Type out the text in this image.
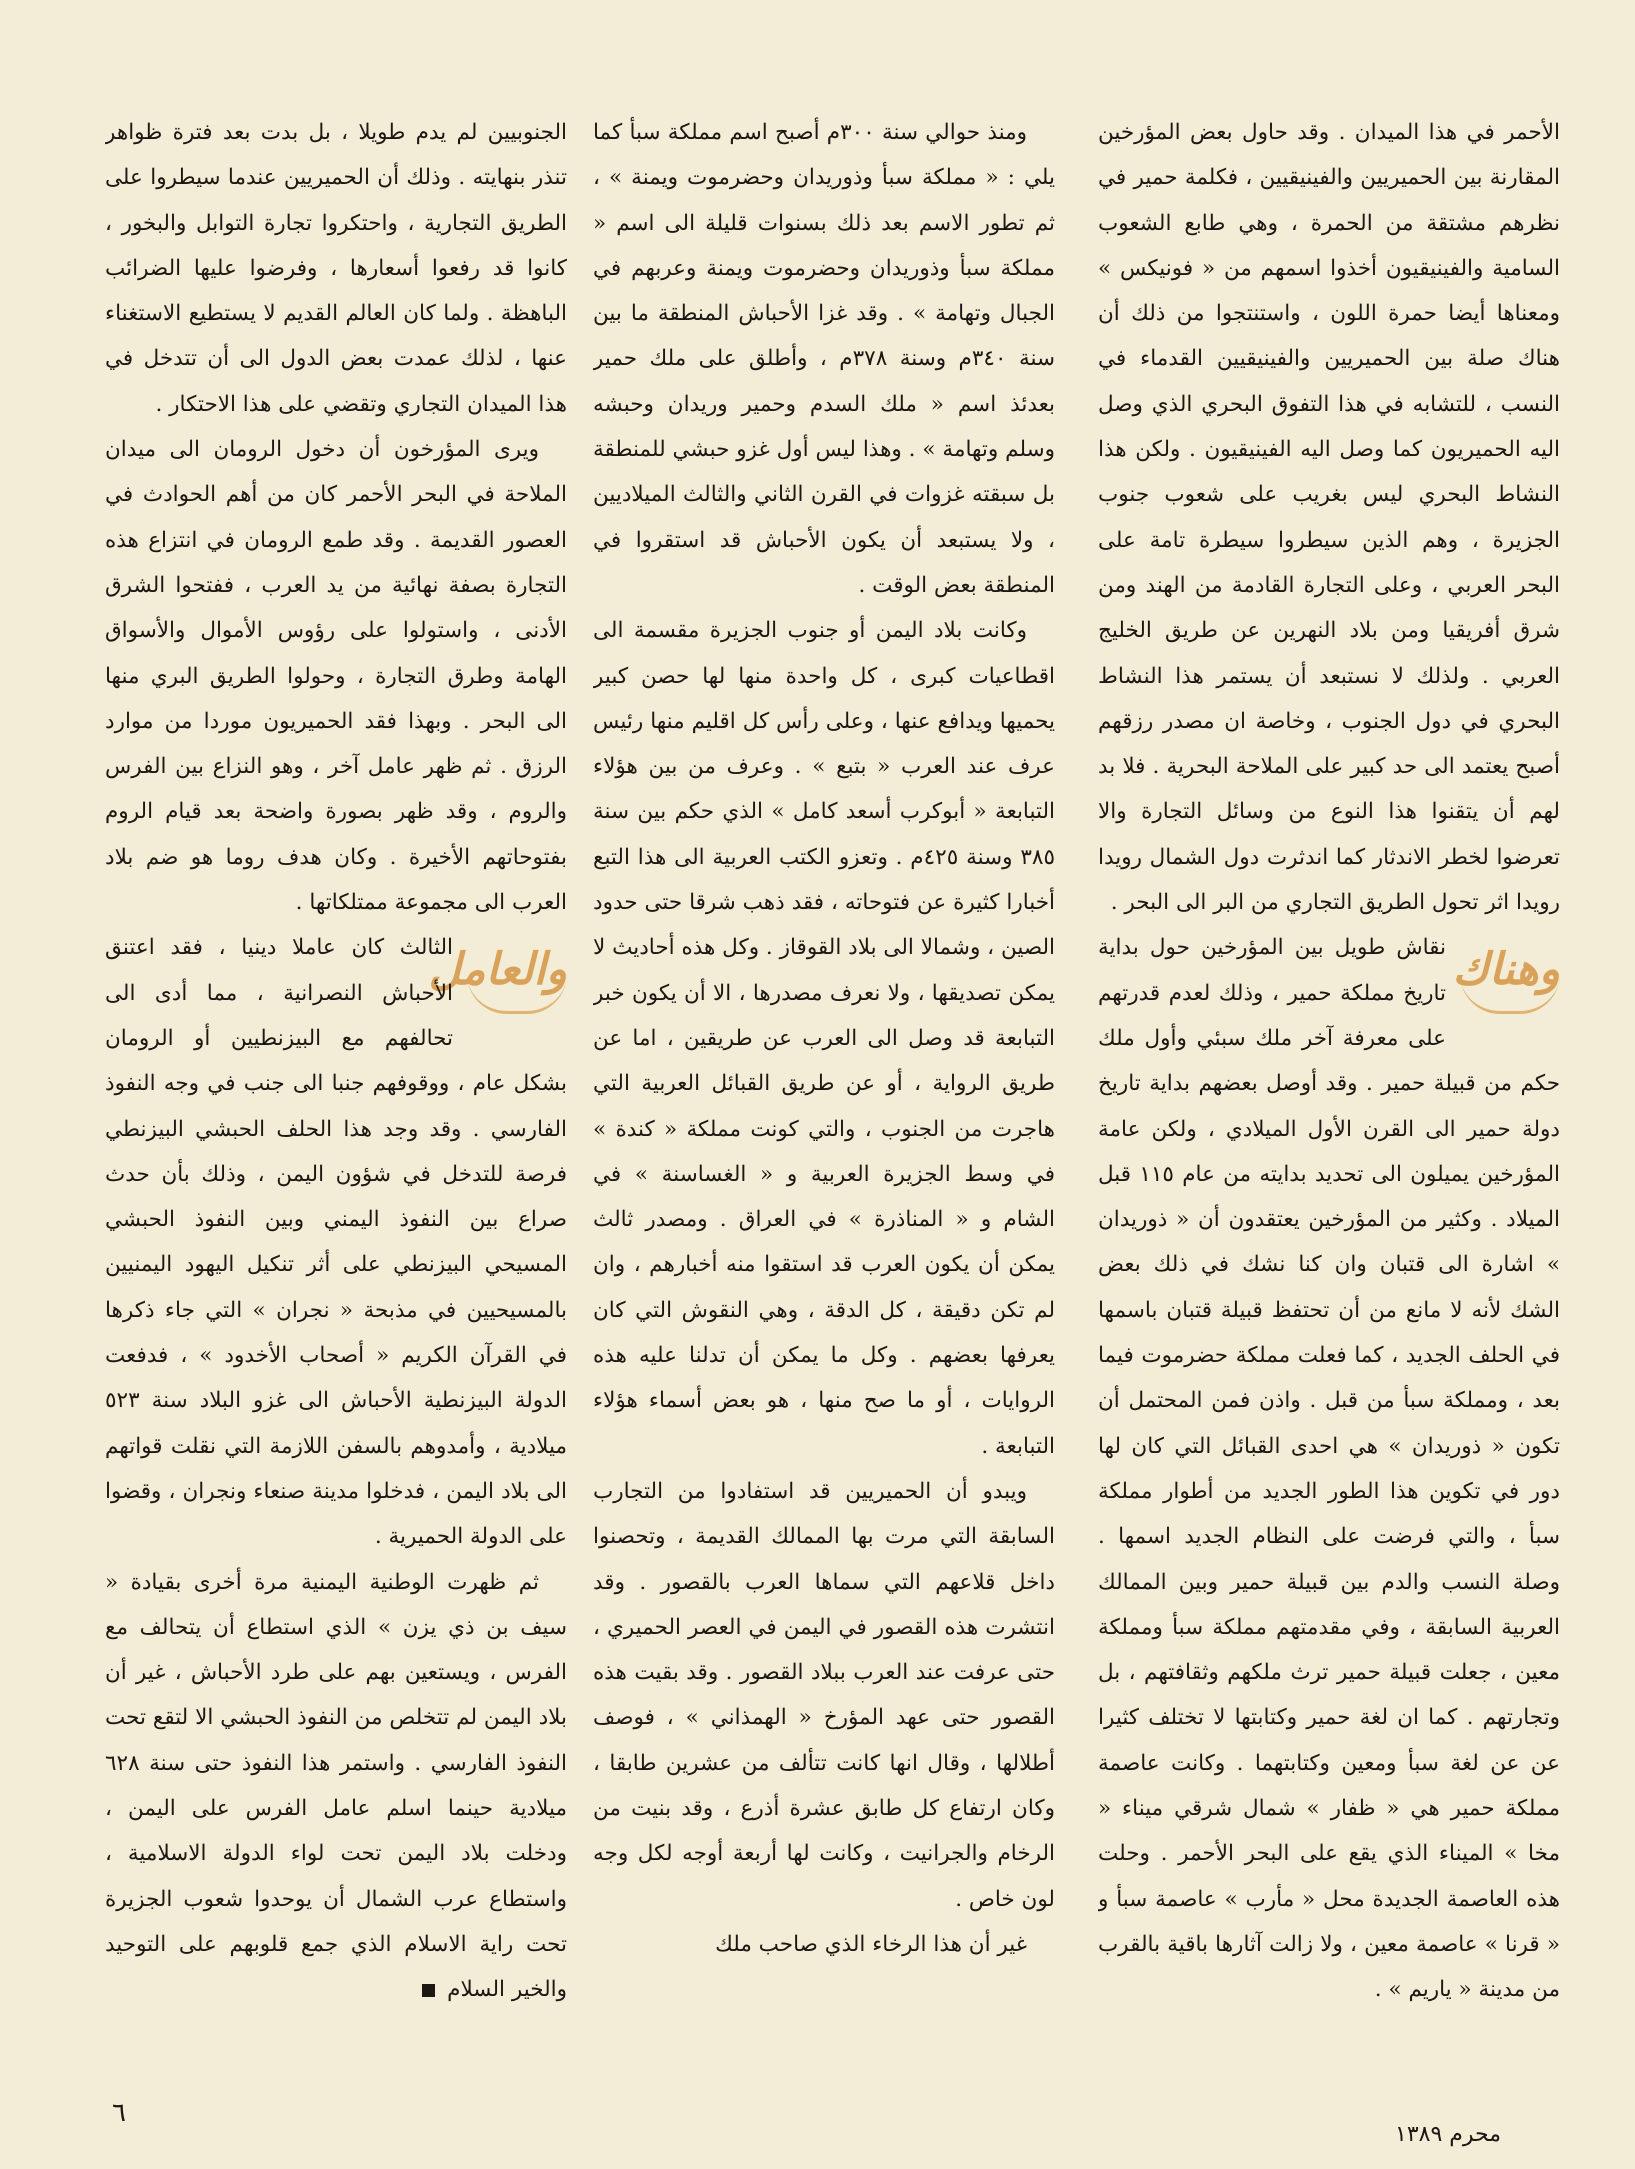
الأحمر في هذا الميدان . وقد حاول بعض المؤرخين المقارنة بين الحميريين والفينيقيين ، فكلمة حمير في نظرهم مشتقة من الحمرة ، وهي طابع الشعوب السامية والفينيقيون أخذوا اسمهم من « فونيكس » ومعناها أيضا حمرة اللون ، واستنتجوا من ذلك أن هناك صلة بين الحميريين والفينيقيين القدماء في النسب ، للتشابه في هذا التفوق البحري الذي وصل اليه الحميريون كما وصل اليه الفينيقيون . ولكن هذا النشاط البحري ليس بغريب على شعوب جنوب الجزيرة ، وهم الذين سيطروا سيطرة تامة على البحر العربي ، وعلى التجارة القادمة من الهند ومن شرق أفريقيا ومن بلاد النهرين عن طريق الخليج العربي . ولذلك لا نستبعد أن يستمر هذا النشاط البحري في دول الجنوب ، وخاصة ان مصدر رزقهم أصبح يعتمد الى حد كبير على الملاحة البحرية . فلا بد لهم أن يتقنوا هذا النوع من وسائل التجارة والا تعرضوا لخطر الاندثار كما اندثرت دول الشمال رويدا رويدا اثر تحول الطريق التجاري من البر الى البحر .

وهناك
نقاش طويل بين المؤرخين حول بداية تاريخ مملكة حمير ، وذلك لعدم قدرتهم على معرفة آخر ملك سبئي وأول ملك حكم من قبيلة حمير . وقد أوصل بعضهم بداية تاريخ دولة حمير الى القرن الأول الميلادي ، ولكن عامة المؤرخين يميلون الى تحديد بدايته من عام ١١٥ قبل الميلاد . وكثير من المؤرخين يعتقدون أن « ذوريدان » اشارة الى قتبان وان كنا نشك في ذلك بعض الشك لأنه لا مانع من أن تحتفظ قبيلة قتبان باسمها في الحلف الجديد ، كما فعلت مملكة حضرموت فيما بعد ، ومملكة سبأ من قبل . واذن فمن المحتمل أن تكون « ذوريدان » هي احدى القبائل التي كان لها دور في تكوين هذا الطور الجديد من أطوار مملكة سبأ ، والتي فرضت على النظام الجديد اسمها . وصلة النسب والدم بين قبيلة حمير وبين الممالك العربية السابقة ، وفي مقدمتهم مملكة سبأ ومملكة معين ، جعلت قبيلة حمير ترث ملكهم وثقافتهم ، بل وتجارتهم . كما ان لغة حمير وكتابتها لا تختلف كثيرا عن عن لغة سبأ ومعين وكتابتهما . وكانت عاصمة مملكة حمير هي « ظفار » شمال شرقي ميناء « مخا » الميناء الذي يقع على البحر الأحمر . وحلت هذه العاصمة الجديدة محل « مأرب » عاصمة سبأ و « قرنا » عاصمة معين ، ولا زالت آثارها باقية بالقرب من مدينة « ياريم » .

ومنذ حوالي سنة ٣٠٠م أصبح اسم مملكة سبأ كما يلي : « مملكة سبأ وذوريدان وحضرموت ويمنة » ، ثم تطور الاسم بعد ذلك بسنوات قليلة الى اسم « مملكة سبأ وذوريدان وحضرموت ويمنة وعربهم في الجبال وتهامة » . وقد غزا الأحباش المنطقة ما بين سنة ٣٤٠م وسنة ٣٧٨م ، وأطلق على ملك حمير بعدئذ اسم « ملك السدم وحمير وريدان وحبشه وسلم وتهامة » . وهذا ليس أول غزو حبشي للمنطقة بل سبقته غزوات في القرن الثاني والثالث الميلاديين ، ولا يستبعد أن يكون الأحباش قد استقروا في المنطقة بعض الوقت .

وكانت بلاد اليمن أو جنوب الجزيرة مقسمة الى اقطاعيات كبرى ، كل واحدة منها لها حصن كبير يحميها ويدافع عنها ، وعلى رأس كل اقليم منها رئيس عرف عند العرب « بتبع » . وعرف من بين هؤلاء التبابعة « أبوكرب أسعد كامل » الذي حكم بين سنة ٣٨٥ وسنة ٤٢٥م . وتعزو الكتب العربية الى هذا التبع أخبارا كثيرة عن فتوحاته ، فقد ذهب شرقا حتى حدود الصين ، وشمالا الى بلاد القوقاز . وكل هذه أحاديث لا يمكن تصديقها ، ولا نعرف مصدرها ، الا أن يكون خبر التبابعة قد وصل الى العرب عن طريقين ، اما عن طريق الرواية ، أو عن طريق القبائل العربية التي هاجرت من الجنوب ، والتي كونت مملكة « كندة » في وسط الجزيرة العربية و « الغساسنة » في الشام و « المناذرة » في العراق . ومصدر ثالث يمكن أن يكون العرب قد استقوا منه أخبارهم ، وان لم تكن دقيقة ، كل الدقة ، وهي النقوش التي كان يعرفها بعضهم . وكل ما يمكن أن تدلنا عليه هذه الروايات ، أو ما صح منها ، هو بعض أسماء هؤلاء التبابعة .

ويبدو أن الحميريين قد استفادوا من التجارب السابقة التي مرت بها الممالك القديمة ، وتحصنوا داخل قلاعهم التي سماها العرب بالقصور . وقد انتشرت هذه القصور في اليمن في العصر الحميري ، حتى عرفت عند العرب ببلاد القصور . وقد بقيت هذه القصور حتى عهد المؤرخ « الهمذاني » ، فوصف أطلالها ، وقال انها كانت تتألف من عشرين طابقا ، وكان ارتفاع كل طابق عشرة أذرع ، وقد بنيت من الرخام والجرانيت ، وكانت لها أربعة أوجه لكل وجه لون خاص .

غير أن هذا الرخاء الذي صاحب ملك

الجنوبيين لم يدم طويلا ، بل بدت بعد فترة ظواهر تنذر بنهايته . وذلك أن الحميريين عندما سيطروا على الطريق التجارية ، واحتكروا تجارة التوابل والبخور ، كانوا قد رفعوا أسعارها ، وفرضوا عليها الضرائب الباهظة . ولما كان العالم القديم لا يستطيع الاستغناء عنها ، لذلك عمدت بعض الدول الى أن تتدخل في هذا الميدان التجاري وتقضي على هذا الاحتكار .

ويرى المؤرخون أن دخول الرومان الى ميدان الملاحة في البحر الأحمر كان من أهم الحوادث في العصور القديمة . وقد طمع الرومان في انتزاع هذه التجارة بصفة نهائية من يد العرب ، ففتحوا الشرق الأدنى ، واستولوا على رؤوس الأموال والأسواق الهامة وطرق التجارة ، وحولوا الطريق البري منها الى البحر . وبهذا فقد الحميريون موردا من موارد الرزق . ثم ظهر عامل آخر ، وهو النزاع بين الفرس والروم ، وقد ظهر بصورة واضحة بعد قيام الروم بفتوحاتهم الأخيرة . وكان هدف روما هو ضم بلاد العرب الى مجموعة ممتلكاتها .

والعامل
الثالث كان عاملا دينيا ، فقد اعتنق الأحباش النصرانية ، مما أدى الى تحالفهم مع البيزنطيين أو الرومان بشكل عام ، ووقوفهم جنبا الى جنب في وجه النفوذ الفارسي . وقد وجد هذا الحلف الحبشي البيزنطي فرصة للتدخل في شؤون اليمن ، وذلك بأن حدث صراع بين النفوذ اليمني وبين النفوذ الحبشي المسيحي البيزنطي على أثر تنكيل اليهود اليمنيين بالمسيحيين في مذبحة « نجران » التي جاء ذكرها في القرآن الكريم « أصحاب الأخدود » ، فدفعت الدولة البيزنطية الأحباش الى غزو البلاد سنة ٥٢٣ ميلادية ، وأمدوهم بالسفن اللازمة التي نقلت قواتهم الى بلاد اليمن ، فدخلوا مدينة صنعاء ونجران ، وقضوا على الدولة الحميرية .

ثم ظهرت الوطنية اليمنية مرة أخرى بقيادة « سيف بن ذي يزن » الذي استطاع أن يتحالف مع الفرس ، ويستعين بهم على طرد الأحباش ، غير أن بلاد اليمن لم تتخلص من النفوذ الحبشي الا لتقع تحت النفوذ الفارسي . واستمر هذا النفوذ حتى سنة ٦٢٨ ميلادية حينما اسلم عامل الفرس على اليمن ، ودخلت بلاد اليمن تحت لواء الدولة الاسلامية ، واستطاع عرب الشمال أن يوحدوا شعوب الجزيرة تحت راية الاسلام الذي جمع قلوبهم على التوحيد والخير السلام

٦
محرم ١٣٨٩
